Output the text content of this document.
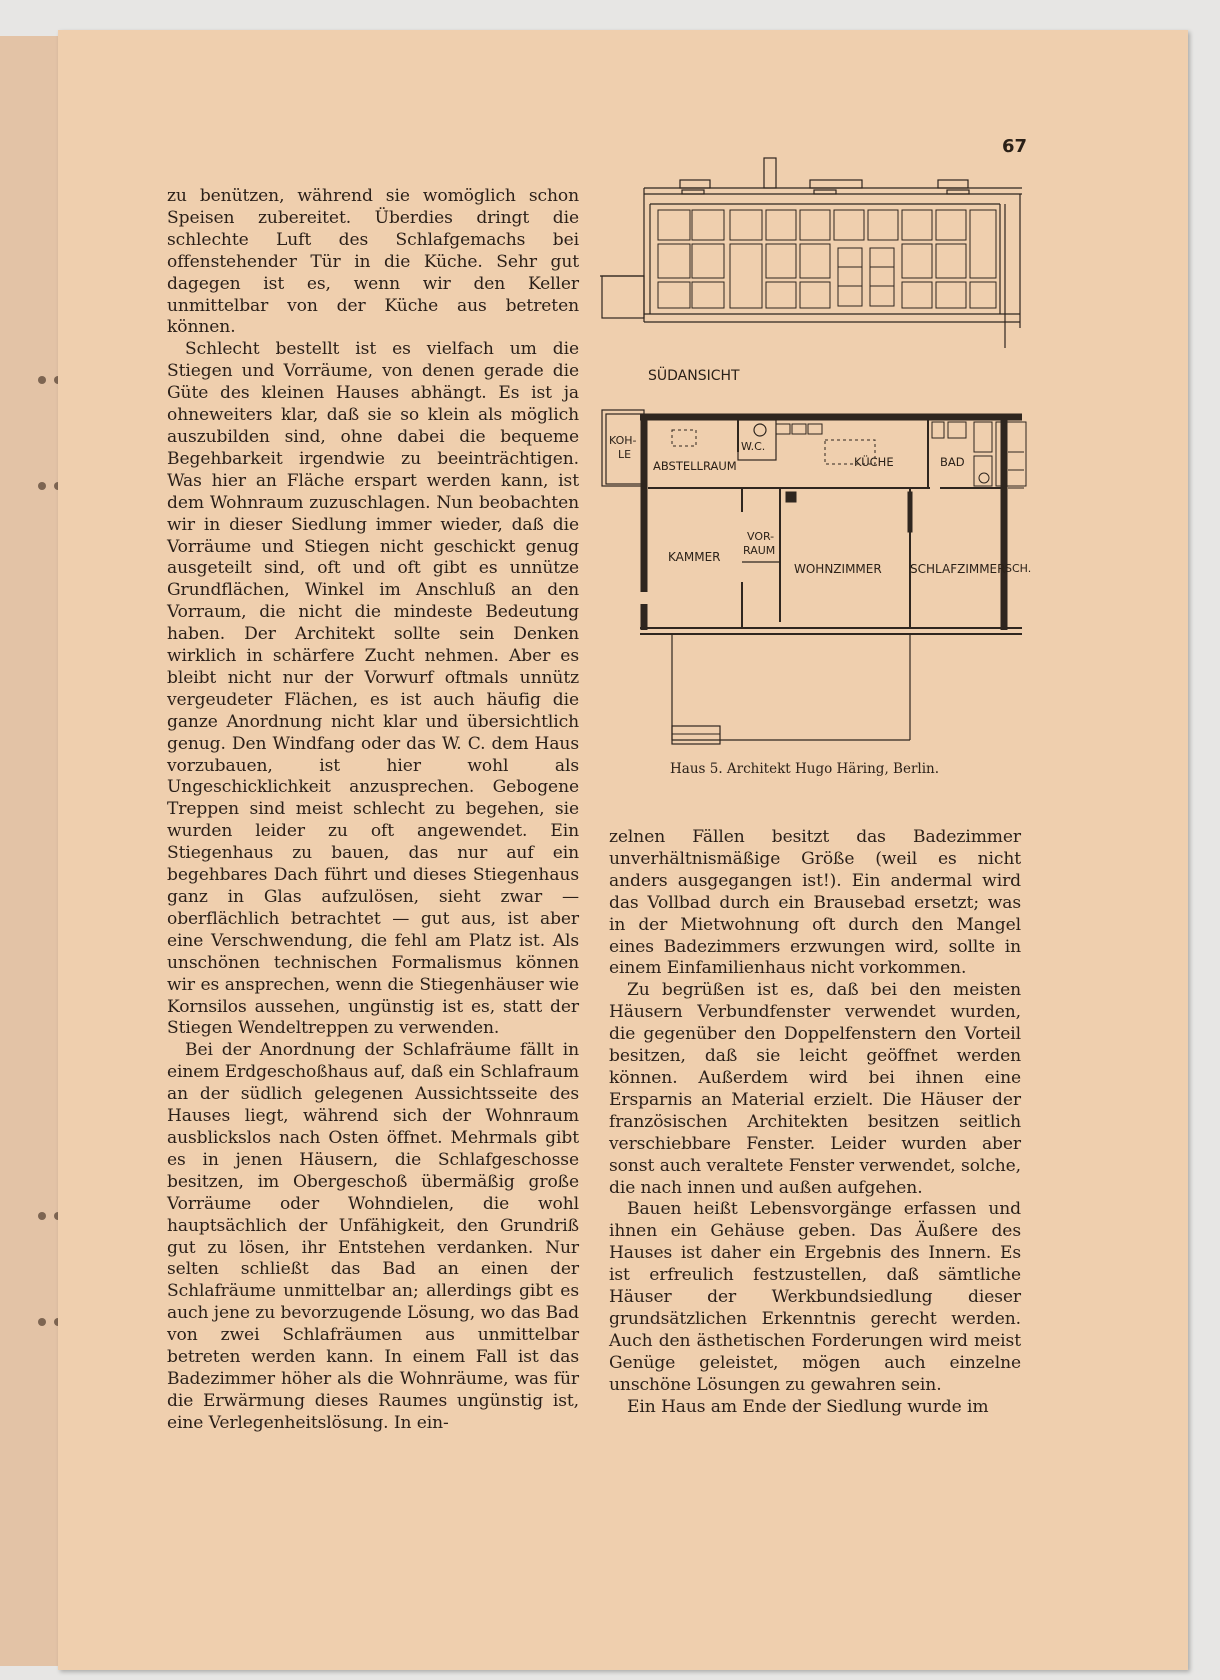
67

zu benützen, während sie womöglich schon Speisen zubereitet. Überdies dringt die schlechte Luft des Schlafgemachs bei offenstehender Tür in die Küche. Sehr gut dagegen ist es, wenn wir den Keller unmittelbar von der Küche aus betreten können.

Schlecht bestellt ist es vielfach um die Stiegen und Vorräume, von denen gerade die Güte des kleinen Hauses abhängt. Es ist ja ohneweiters klar, daß sie so klein als möglich auszubilden sind, ohne dabei die bequeme Begehbarkeit irgendwie zu beeinträchtigen. Was hier an Fläche erspart werden kann, ist dem Wohnraum zuzuschlagen. Nun beobachten wir in dieser Siedlung immer wieder, daß die Vorräume und Stiegen nicht geschickt genug ausgeteilt sind, oft und oft gibt es unnütze Grundflächen, Winkel im Anschluß an den Vorraum, die nicht die mindeste Bedeutung haben. Der Architekt sollte sein Denken wirklich in schärfere Zucht nehmen. Aber es bleibt nicht nur der Vorwurf oftmals unnütz vergeudeter Flächen, es ist auch häufig die ganze Anordnung nicht klar und übersichtlich genug. Den Windfang oder das W. C. dem Haus vorzubauen, ist hier wohl als Ungeschicklichkeit anzusprechen. Gebogene Treppen sind meist schlecht zu begehen, sie wurden leider zu oft angewendet. Ein Stiegenhaus zu bauen, das nur auf ein begehbares Dach führt und dieses Stiegenhaus ganz in Glas aufzulösen, sieht zwar — oberflächlich betrachtet — gut aus, ist aber eine Verschwendung, die fehl am Platz ist. Als unschönen technischen Formalismus können wir es ansprechen, wenn die Stiegenhäuser wie Kornsilos aussehen, ungünstig ist es, statt der Stiegen Wendeltreppen zu verwenden.

Bei der Anordnung der Schlafräume fällt in einem Erdgeschoßhaus auf, daß ein Schlafraum an der südlich gelegenen Aussichtsseite des Hauses liegt, während sich der Wohnraum ausblickslos nach Osten öffnet. Mehrmals gibt es in jenen Häusern, die Schlafgeschosse besitzen, im Obergeschoß übermäßig große Vorräume oder Wohndielen, die wohl hauptsächlich der Unfähigkeit, den Grundriß gut zu lösen, ihr Entstehen verdanken. Nur selten schließt das Bad an einen der Schlafräume unmittelbar an; allerdings gibt es auch jene zu bevorzugende Lösung, wo das Bad von zwei Schlafräumen aus unmittelbar betreten werden kann. In einem Fall ist das Badezimmer höher als die Wohnräume, was für die Erwärmung dieses Raumes ungünstig ist, eine Verlegenheitslösung. In ein-

SÜDANSICHT
KOH-
LE
W.C.
ABSTELLRAUM	KÜCHE	BAD
VOR-
RAUM
KAMMER
WOHNZIMMER SCHLAFZIMMER SCH.
Haus 5. Architekt Hugo Häring, Berlin.

zelnen Fällen besitzt das Badezimmer unverhältnismäßige Größe (weil es nicht anders ausgegangen ist!). Ein andermal wird das Vollbad durch ein Brausebad ersetzt; was in der Mietwohnung oft durch den Mangel eines Badezimmers erzwungen wird, sollte in einem Einfamilienhaus nicht vorkommen.

Zu begrüßen ist es, daß bei den meisten Häusern Verbundfenster verwendet wurden, die gegenüber den Doppelfenstern den Vorteil besitzen, daß sie leicht geöffnet werden können. Außerdem wird bei ihnen eine Ersparnis an Material erzielt. Die Häuser der französischen Architekten besitzen seitlich verschiebbare Fenster. Leider wurden aber sonst auch veraltete Fenster verwendet, solche, die nach innen und außen aufgehen.

Bauen heißt Lebensvorgänge erfassen und ihnen ein Gehäuse geben. Das Äußere des Hauses ist daher ein Ergebnis des Innern. Es ist erfreulich festzustellen, daß sämtliche Häuser der Werkbundsiedlung dieser grundsätzlichen Erkenntnis gerecht werden. Auch den ästhetischen Forderungen wird meist Genüge geleistet, mögen auch einzelne unschöne Lösungen zu gewahren sein.

Ein Haus am Ende der Siedlung wurde im
